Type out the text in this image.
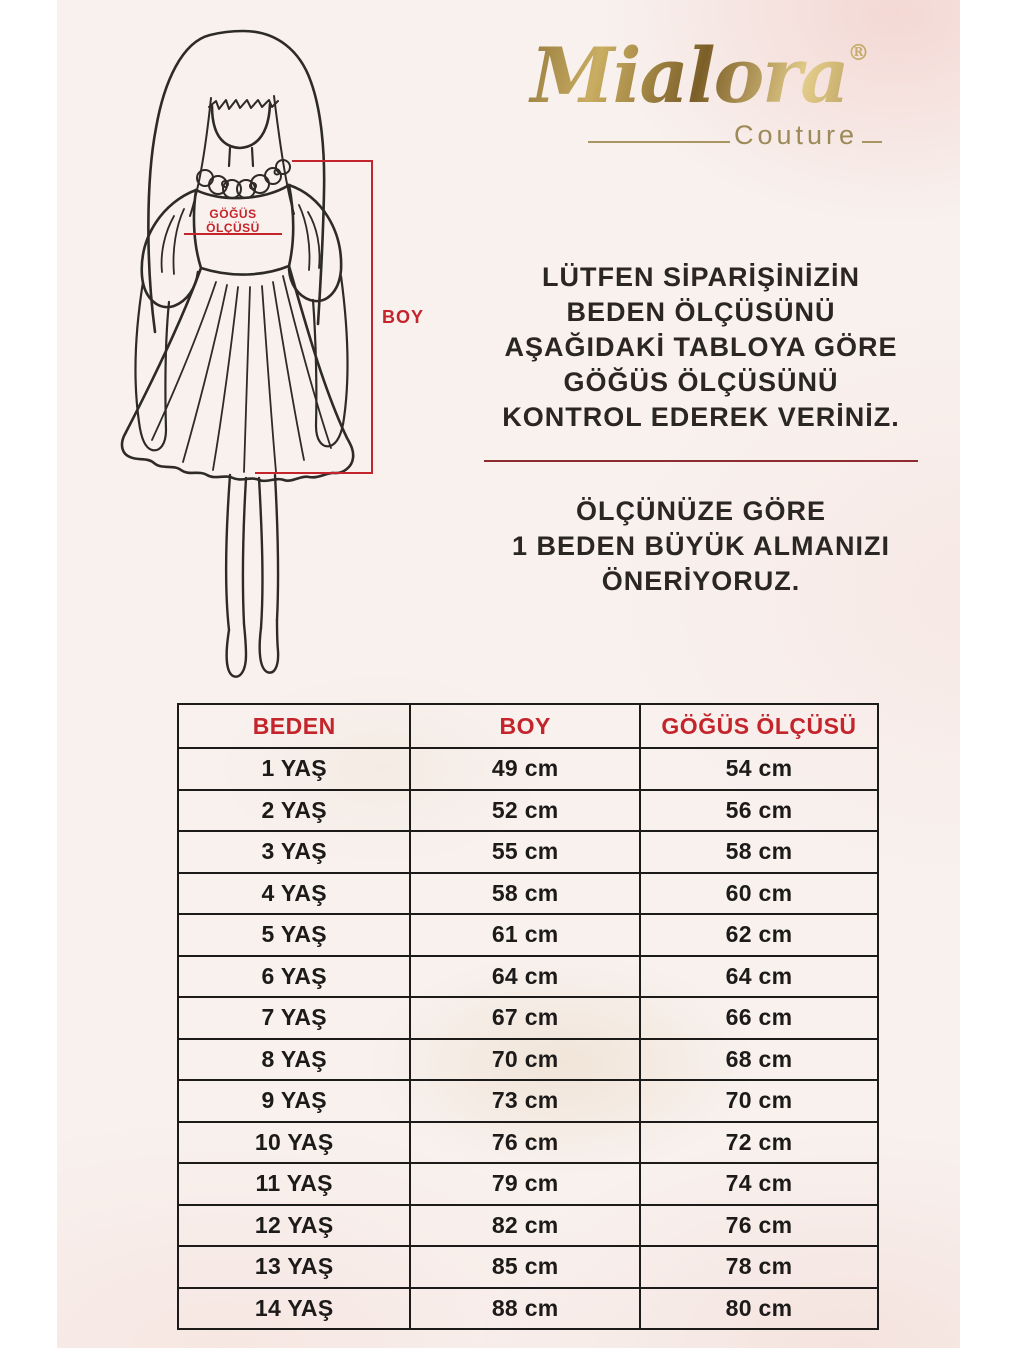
GÖĞÜS
ÖLÇÜSÜ
BOY
Mialora®
Couture
LÜTFEN SİPARİŞİNİZİN
BEDEN ÖLÇÜSÜNÜ
AŞAĞIDAKİ TABLOYA GÖRE
GÖĞÜS ÖLÇÜSÜNÜ
KONTROL EDEREK VERİNİZ.
ÖLÇÜNÜZE GÖRE
1 BEDEN BÜYÜK ALMANIZI
ÖNERİYORUZ.
BEDEN	BOY	GÖĞÜS ÖLÇÜSÜ
1 YAŞ	49 cm	54 cm
2 YAŞ	52 cm	56 cm
3 YAŞ	55 cm	58 cm
4 YAŞ	58 cm	60 cm
5 YAŞ	61 cm	62 cm
6 YAŞ	64 cm	64 cm
7 YAŞ	67 cm	66 cm
8 YAŞ	70 cm	68 cm
9 YAŞ	73 cm	70 cm
10 YAŞ	76 cm	72 cm
11 YAŞ	79 cm	74 cm
12 YAŞ	82 cm	76 cm
13 YAŞ	85 cm	78 cm
14 YAŞ	88 cm	80 cm
